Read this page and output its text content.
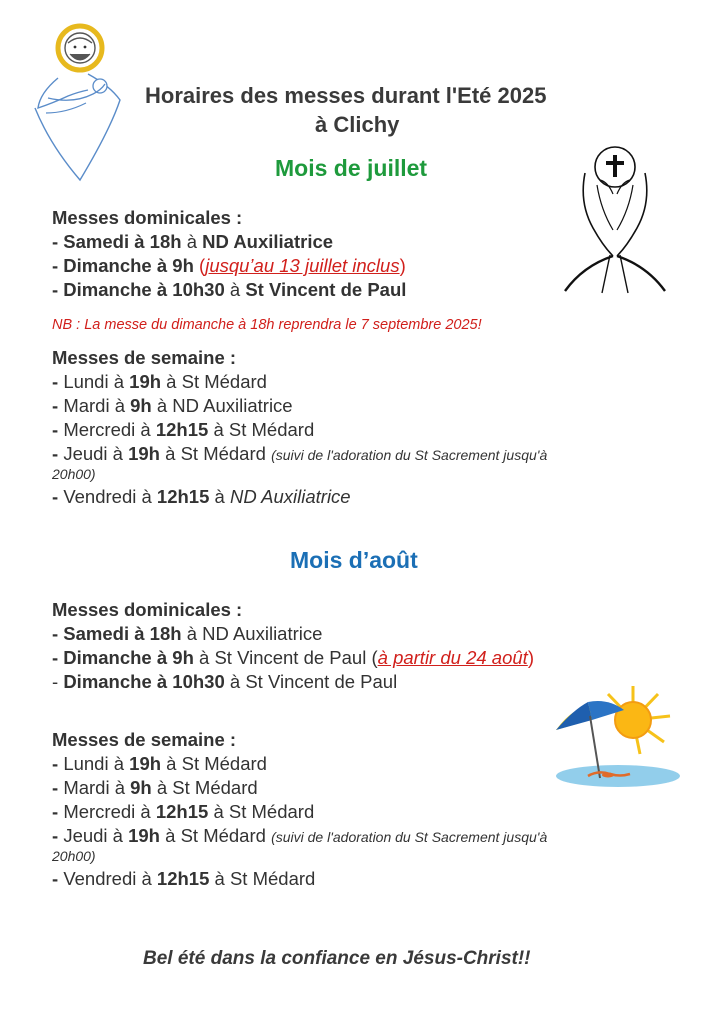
Horaires des messes durant l'Eté 2025
à Clichy
Mois de juillet
Messes dominicales :
- Samedi à 18h à ND Auxiliatrice
- Dimanche à 9h (jusqu’au 13 juillet inclus)
- Dimanche à 10h30 à St Vincent de Paul
NB : La messe du dimanche à 18h reprendra le 7 septembre 2025!
Messes de semaine :
- Lundi à 19h à St Médard
- Mardi à 9h à ND Auxiliatrice
- Mercredi à 12h15 à St Médard
- Jeudi à 19h à St Médard (suivi de l'adoration du St Sacrement jusqu'à
20h00)
- Vendredi à 12h15 à ND Auxiliatrice
Mois d’août
Messes dominicales :
- Samedi à 18h à ND Auxiliatrice
- Dimanche à 9h à St Vincent de Paul (à partir du 24 août)
- Dimanche à 10h30 à St Vincent de Paul
Messes de semaine :
- Lundi à 19h à St Médard
- Mardi à 9h à St Médard
- Mercredi à 12h15 à St Médard
- Jeudi à 19h à St Médard (suivi de l'adoration du St Sacrement jusqu'à
20h00)
- Vendredi à 12h15 à St Médard
Bel été dans la confiance en Jésus-Christ!!
